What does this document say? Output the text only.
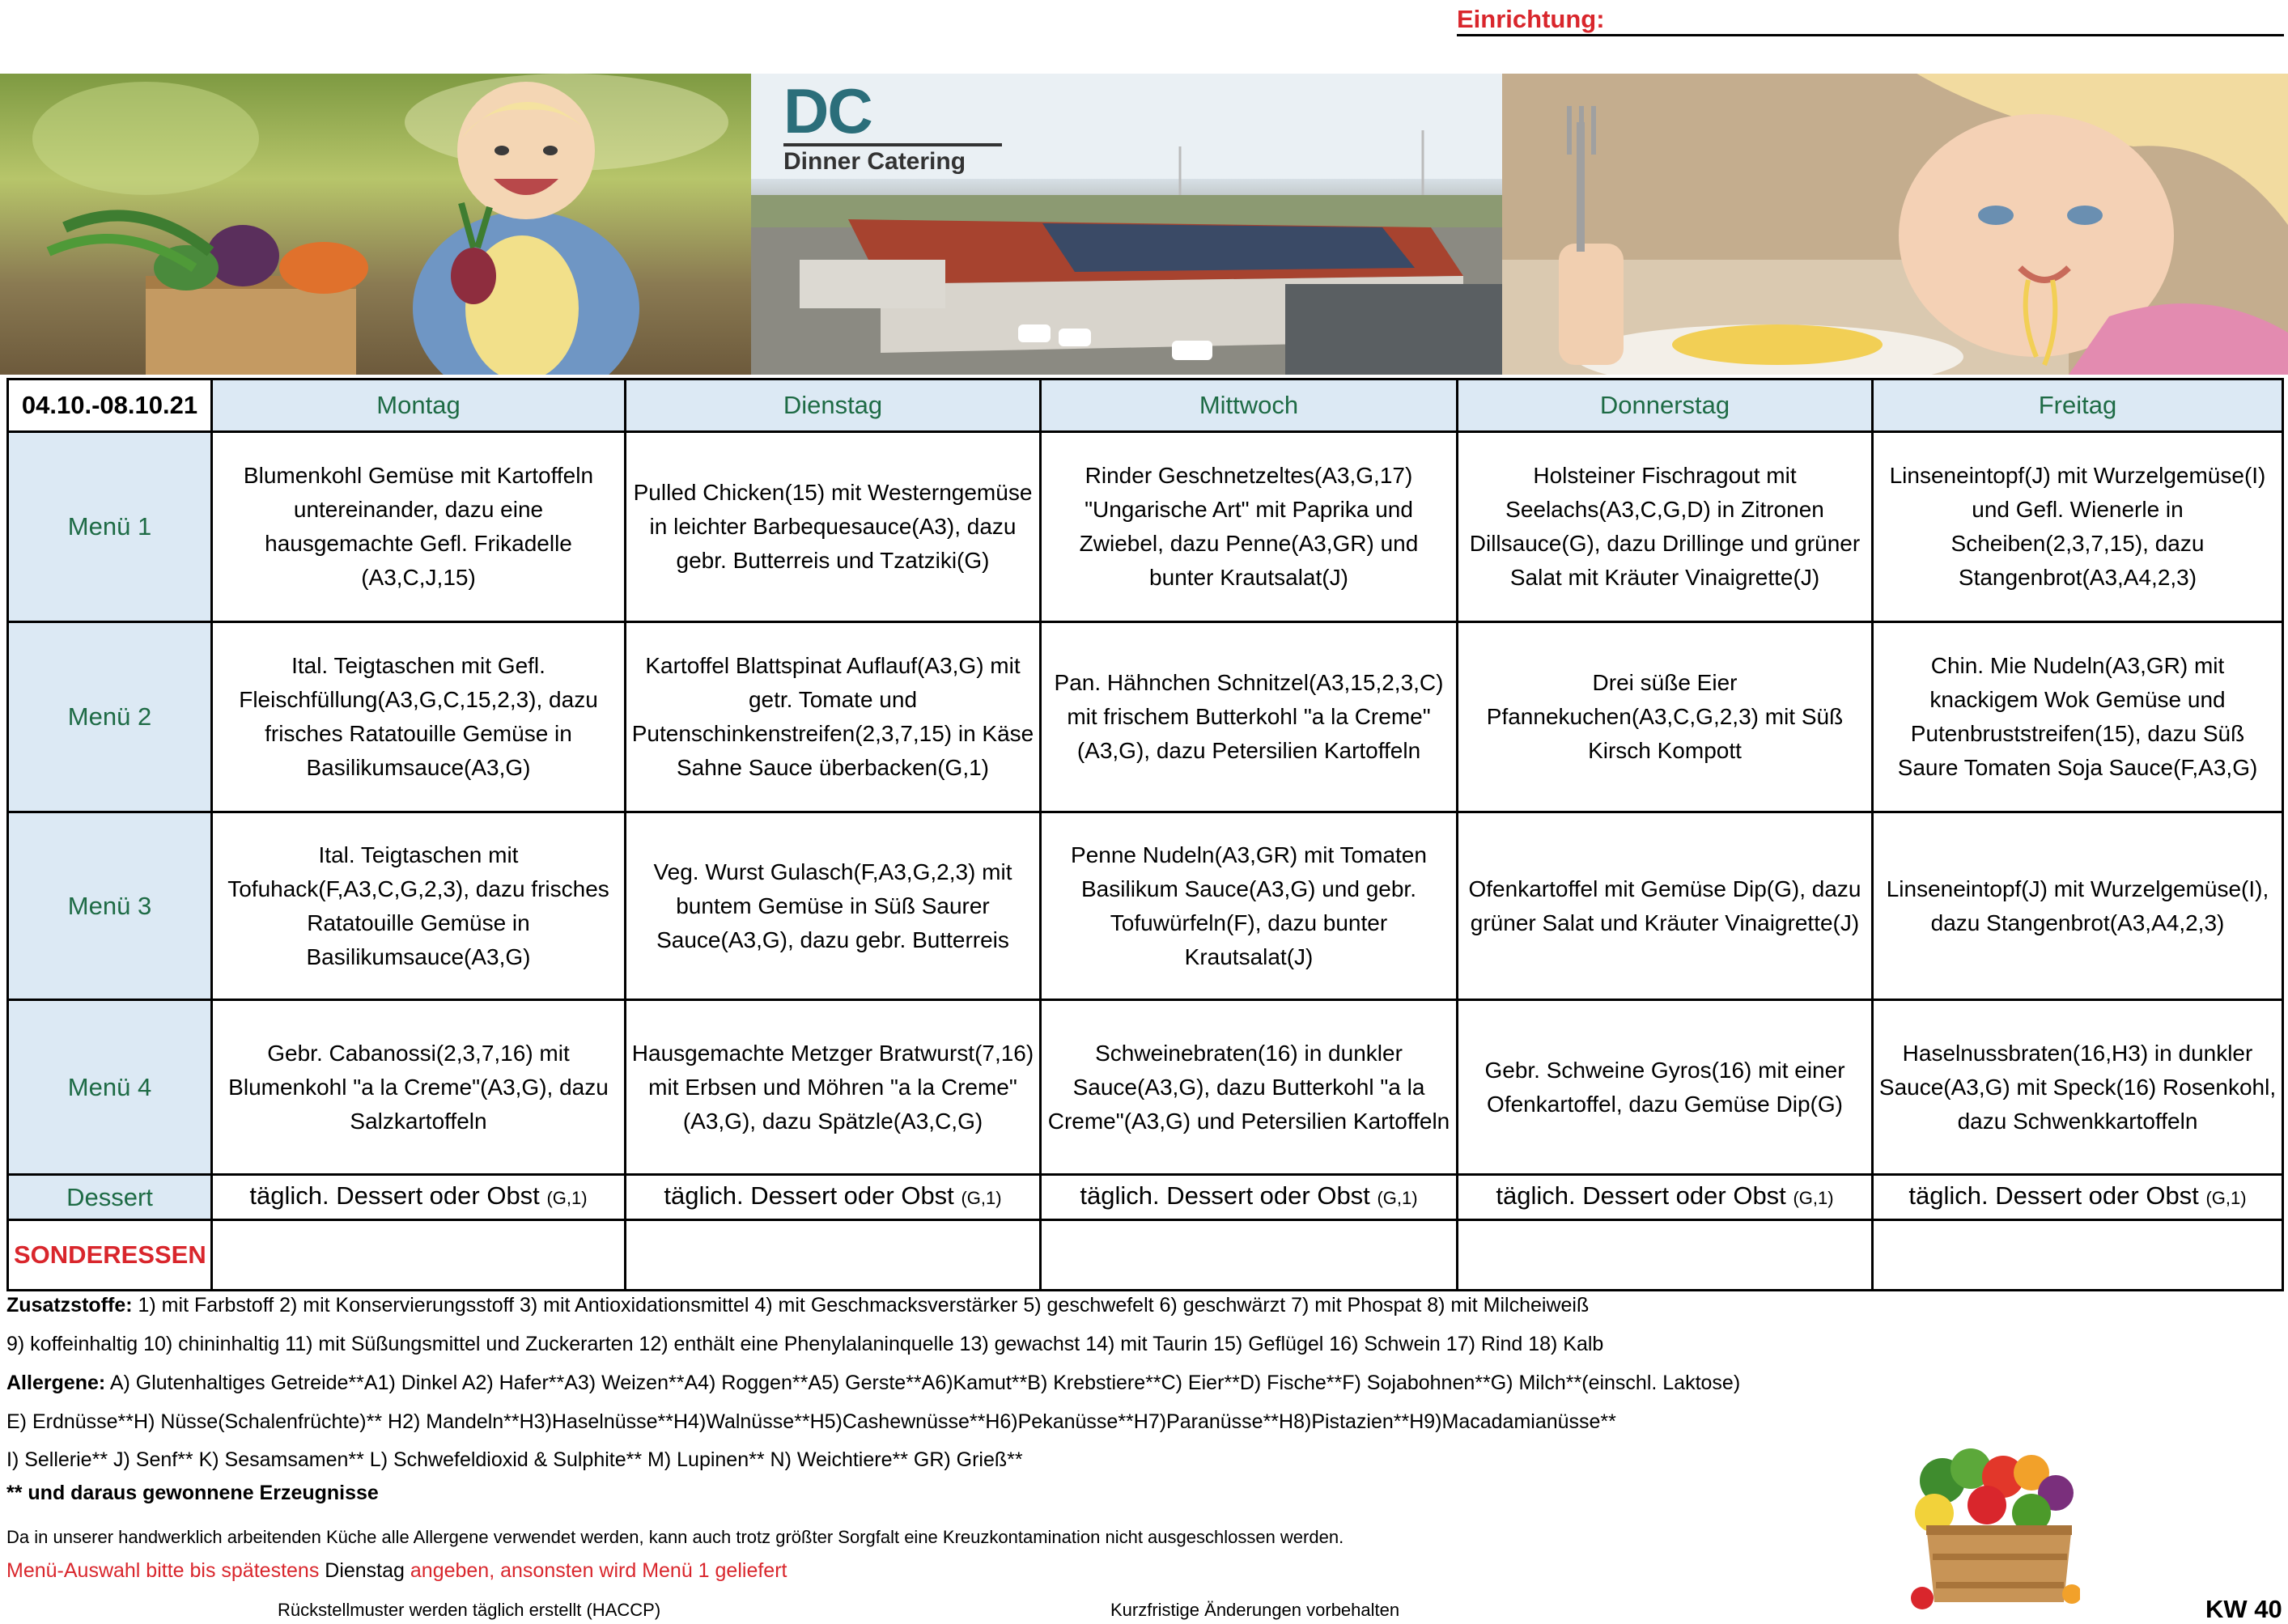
Einrichtung:
DC
Dinner Catering
04.10.-08.10.21	Montag	Dienstag	Mittwoch	Donnerstag	Freitag
Menü 1	Blumenkohl Gemüse mit Kartoffeln untereinander, dazu eine hausgemachte Gefl. Frikadelle (A3,C,J,15)	Pulled Chicken(15) mit Westerngemüse in leichter Barbequesauce(A3), dazu gebr. Butterreis und Tzatziki(G)	Rinder Geschnetzeltes(A3,G,17) "Ungarische Art" mit Paprika und Zwiebel, dazu Penne(A3,GR) und bunter Krautsalat(J)	Holsteiner Fischragout mit Seelachs(A3,C,G,D) in Zitronen Dillsauce(G), dazu Drillinge und grüner Salat mit Kräuter Vinaigrette(J)	Linseneintopf(J) mit Wurzelgemüse(I) und Gefl. Wienerle in Scheiben(2,3,7,15), dazu Stangenbrot(A3,A4,2,3)
Menü 2	Ital. Teigtaschen mit Gefl. Fleischfüllung(A3,G,C,15,2,3), dazu frisches Ratatouille Gemüse in Basilikumsauce(A3,G)	Kartoffel Blattspinat Auflauf(A3,G) mit getr. Tomate und Putenschinkenstreifen(2,3,7,15) in Käse Sahne Sauce überbacken(G,1)	Pan. Hähnchen Schnitzel(A3,15,2,3,C) mit frischem Butterkohl "a la Creme"(A3,G), dazu Petersilien Kartoffeln	Drei süße Eier Pfannekuchen(A3,C,G,2,3) mit Süß Kirsch Kompott	Chin. Mie Nudeln(A3,GR) mit knackigem Wok Gemüse und Putenbruststreifen(15), dazu Süß Saure Tomaten Soja Sauce(F,A3,G)
Menü 3	Ital. Teigtaschen mit Tofuhack(F,A3,C,G,2,3), dazu frisches Ratatouille Gemüse in Basilikumsauce(A3,G)	Veg. Wurst Gulasch(F,A3,G,2,3) mit buntem Gemüse in Süß Saurer Sauce(A3,G), dazu gebr. Butterreis	Penne Nudeln(A3,GR) mit Tomaten Basilikum Sauce(A3,G) und gebr. Tofuwürfeln(F), dazu bunter Krautsalat(J)	Ofenkartoffel mit Gemüse Dip(G), dazu grüner Salat und Kräuter Vinaigrette(J)	Linseneintopf(J) mit Wurzelgemüse(I), dazu Stangenbrot(A3,A4,2,3)
Menü 4	Gebr. Cabanossi(2,3,7,16) mit Blumenkohl "a la Creme"(A3,G), dazu Salzkartoffeln	Hausgemachte Metzger Bratwurst(7,16) mit Erbsen und Möhren "a la Creme"(A3,G), dazu Spätzle(A3,C,G)	Schweinebraten(16) in dunkler Sauce(A3,G), dazu Butterkohl "a la Creme"(A3,G) und Petersilien Kartoffeln	Gebr. Schweine Gyros(16) mit einer Ofenkartoffel, dazu Gemüse Dip(G)	Haselnussbraten(16,H3) in dunkler Sauce(A3,G) mit Speck(16) Rosenkohl, dazu Schwenkkartoffeln
Dessert	täglich. Dessert oder Obst (G,1)	täglich. Dessert oder Obst (G,1)	täglich. Dessert oder Obst (G,1)	täglich. Dessert oder Obst (G,1)	täglich. Dessert oder Obst (G,1)
SONDERESSEN					
Zusatzstoffe: 1) mit Farbstoff 2) mit Konservierungsstoff 3) mit Antioxidationsmittel 4) mit Geschmacksverstärker 5) geschwefelt 6) geschwärzt 7) mit Phospat 8) mit Milcheiweiß
9) koffeinhaltig 10) chininhaltig 11) mit Süßungsmittel und Zuckerarten 12) enthält eine Phenylalaninquelle 13) gewachst 14) mit Taurin 15) Geflügel 16) Schwein 17) Rind 18) Kalb
Allergene: A) Glutenhaltiges Getreide**A1) Dinkel A2) Hafer**A3) Weizen**A4) Roggen**A5) Gerste**A6)Kamut**B) Krebstiere**C) Eier**D) Fische**F) Sojabohnen**G) Milch**(einschl. Laktose)
E) Erdnüsse**H) Nüsse(Schalenfrüchte)** H2) Mandeln**H3)Haselnüsse**H4)Walnüsse**H5)Cashewnüsse**H6)Pekanüsse**H7)Paranüsse**H8)Pistazien**H9)Macadamianüsse**
I) Sellerie** J) Senf** K) Sesamsamen** L) Schwefeldioxid & Sulphite** M) Lupinen** N) Weichtiere** GR) Grieß**
** und daraus gewonnene Erzeugnisse
Da in unserer handwerklich arbeitenden Küche alle Allergene verwendet werden, kann auch trotz größter Sorgfalt eine Kreuzkontamination nicht ausgeschlossen werden.
Menü-Auswahl bitte bis spätestens Dienstag angeben, ansonsten wird Menü 1 geliefert
Rückstellmuster werden täglich erstellt (HACCP)	Kurzfristige Änderungen vorbehalten	KW 40
